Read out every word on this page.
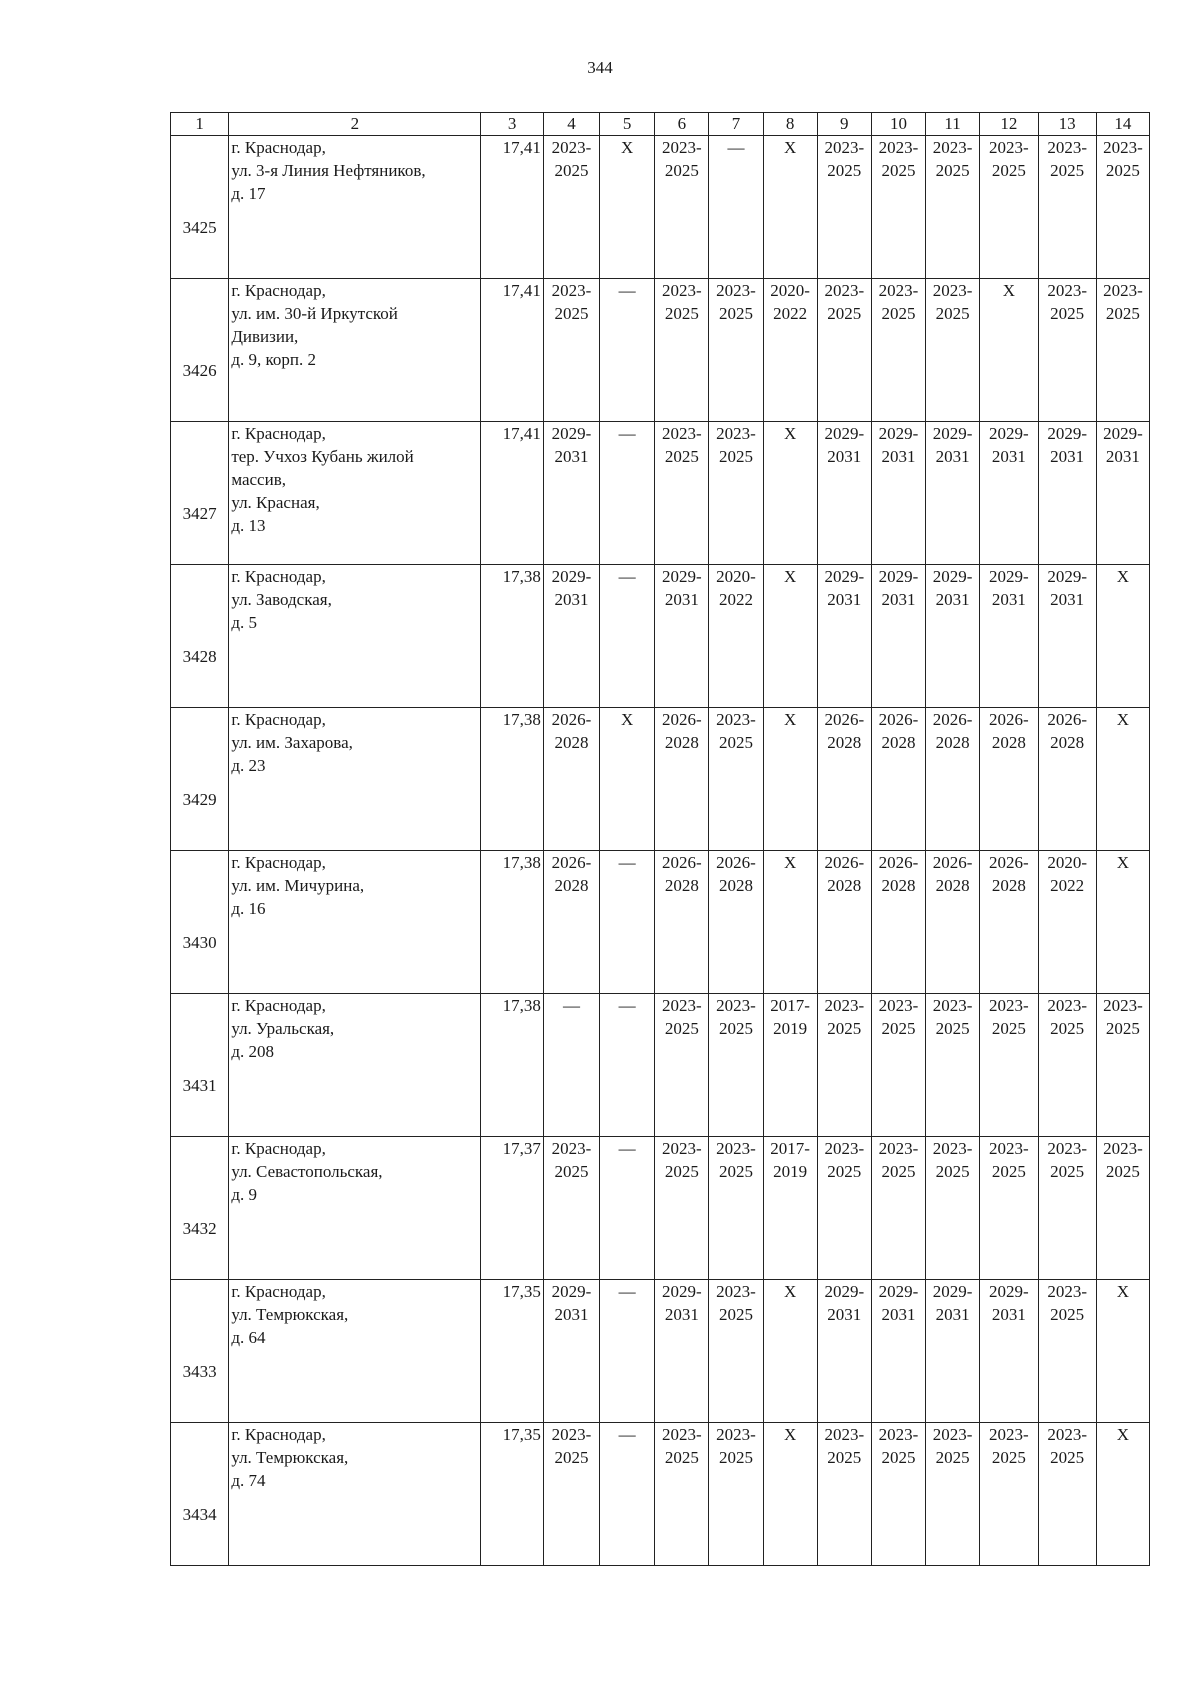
344
1	2	3	4	5	6	7	8	9	10	11	12	13	14
3425	г. Краснодар,
ул. 3-я Линия Нефтяников,
д. 17	17,41	2023-
2025	Х	2023-
2025	—	Х	2023-
2025	2023-
2025	2023-
2025	2023-
2025	2023-
2025	2023-
2025

3426	г. Краснодар,
ул. им. 30-й Иркутской
Дивизии,
д. 9, корп. 2	17,41	2023-
2025	—	2023-
2025	2023-
2025	2020-
2022	2023-
2025	2023-
2025	2023-
2025	Х	2023-
2025	2023-
2025

3427	г. Краснодар,
тер. Учхоз Кубань жилой
массив,
ул. Красная,
д. 13	17,41	2029-
2031	—	2023-
2025	2023-
2025	Х	2029-
2031	2029-
2031	2029-
2031	2029-
2031	2029-
2031	2029-
2031

3428	г. Краснодар,
ул. Заводская,
д. 5	17,38	2029-
2031	—	2029-
2031	2020-
2022	Х	2029-
2031	2029-
2031	2029-
2031	2029-
2031	2029-
2031	Х

3429	г. Краснодар,
ул. им. Захарова,
д. 23	17,38	2026-
2028	Х	2026-
2028	2023-
2025	Х	2026-
2028	2026-
2028	2026-
2028	2026-
2028	2026-
2028	Х

3430	г. Краснодар,
ул. им. Мичурина,
д. 16	17,38	2026-
2028	—	2026-
2028	2026-
2028	Х	2026-
2028	2026-
2028	2026-
2028	2026-
2028	2020-
2022	Х

3431	г. Краснодар,
ул. Уральская,
д. 208	17,38	—	—	2023-
2025	2023-
2025	2017-
2019	2023-
2025	2023-
2025	2023-
2025	2023-
2025	2023-
2025	2023-
2025

3432	г. Краснодар,
ул. Севастопольская,
д. 9	17,37	2023-
2025	—	2023-
2025	2023-
2025	2017-
2019	2023-
2025	2023-
2025	2023-
2025	2023-
2025	2023-
2025	2023-
2025

3433	г. Краснодар,
ул. Темрюкская,
д. 64	17,35	2029-
2031	—	2029-
2031	2023-
2025	Х	2029-
2031	2029-
2031	2029-
2031	2029-
2031	2023-
2025	Х

3434	г. Краснодар,
ул. Темрюкская,
д. 74	17,35	2023-
2025	—	2023-
2025	2023-
2025	Х	2023-
2025	2023-
2025	2023-
2025	2023-
2025	2023-
2025	Х
